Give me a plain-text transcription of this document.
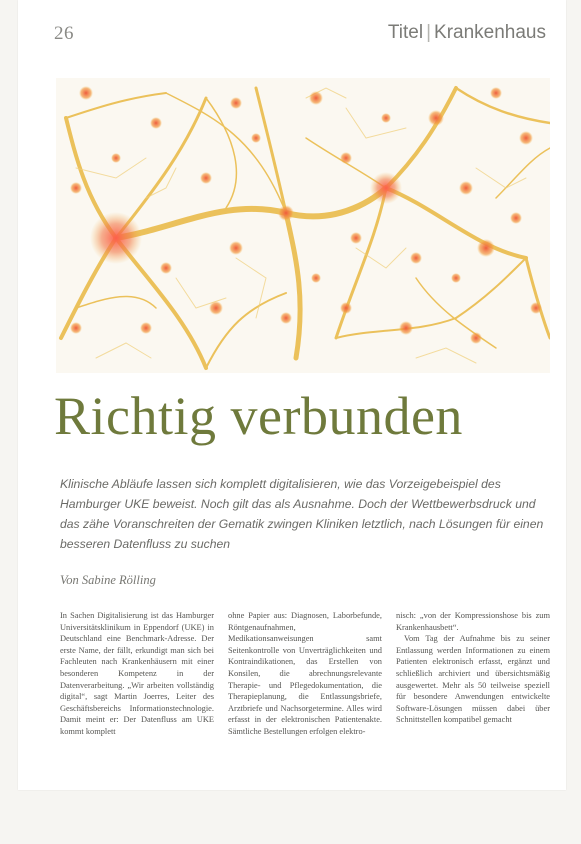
26	Titel | Krankenhaus
Richtig verbunden

Klinische Abläufe lassen sich komplett digitalisieren, wie das Vorzeigebeispiel des Hamburger UKE beweist. Noch gilt das als Ausnahme. Doch der Wettbewerbsdruck und das zähe Voranschreiten der Gematik zwingen Kliniken letztlich, nach Lösungen für einen besseren Datenfluss zu suchen

Von Sabine Rölling

In Sachen Digitalisierung ist das Hamburger Universitätsklinikum in Eppendorf (UKE) in Deutschland eine Benchmark-Adresse. Der erste Name, der fällt, erkundigt man sich bei Fachleuten nach Krankenhäusern mit einer besonderen Kompetenz in der Datenverarbeitung. „Wir arbeiten vollständig digital“, sagt Martin Joerres, Leiter des Geschäftsbereichs Informationstechnologie. Damit meint er: Der Datenfluss am UKE kommt komplett

ohne Papier aus: Diagnosen, Laborbefunde, Röntgenaufnahmen, Medikationsanweisungen samt Seitenkontrolle von Unverträglichkeiten und Kontraindikationen, das Erstellen von Konsilen, die abrechnungsrelevante Therapie- und Pflegedokumentation, die Therapieplanung, die Entlassungsbriefe, Arztbriefe und Nachsorgetermine. Alles wird erfasst in der elektronischen Patientenakte. Sämtliche Bestellungen erfolgen elektro-

nisch: „von der Kompressionshose bis zum Krankenhausbett“.

Vom Tag der Aufnahme bis zu seiner Entlassung werden Informationen zu einem Patienten elektronisch erfasst, ergänzt und schließlich archiviert und übersichtsmäßig ausgewertet. Mehr als 50 teilweise speziell für besondere Anwendungen entwickelte Software-Lösungen müssen dabei über Schnittstellen kompatibel gemacht
